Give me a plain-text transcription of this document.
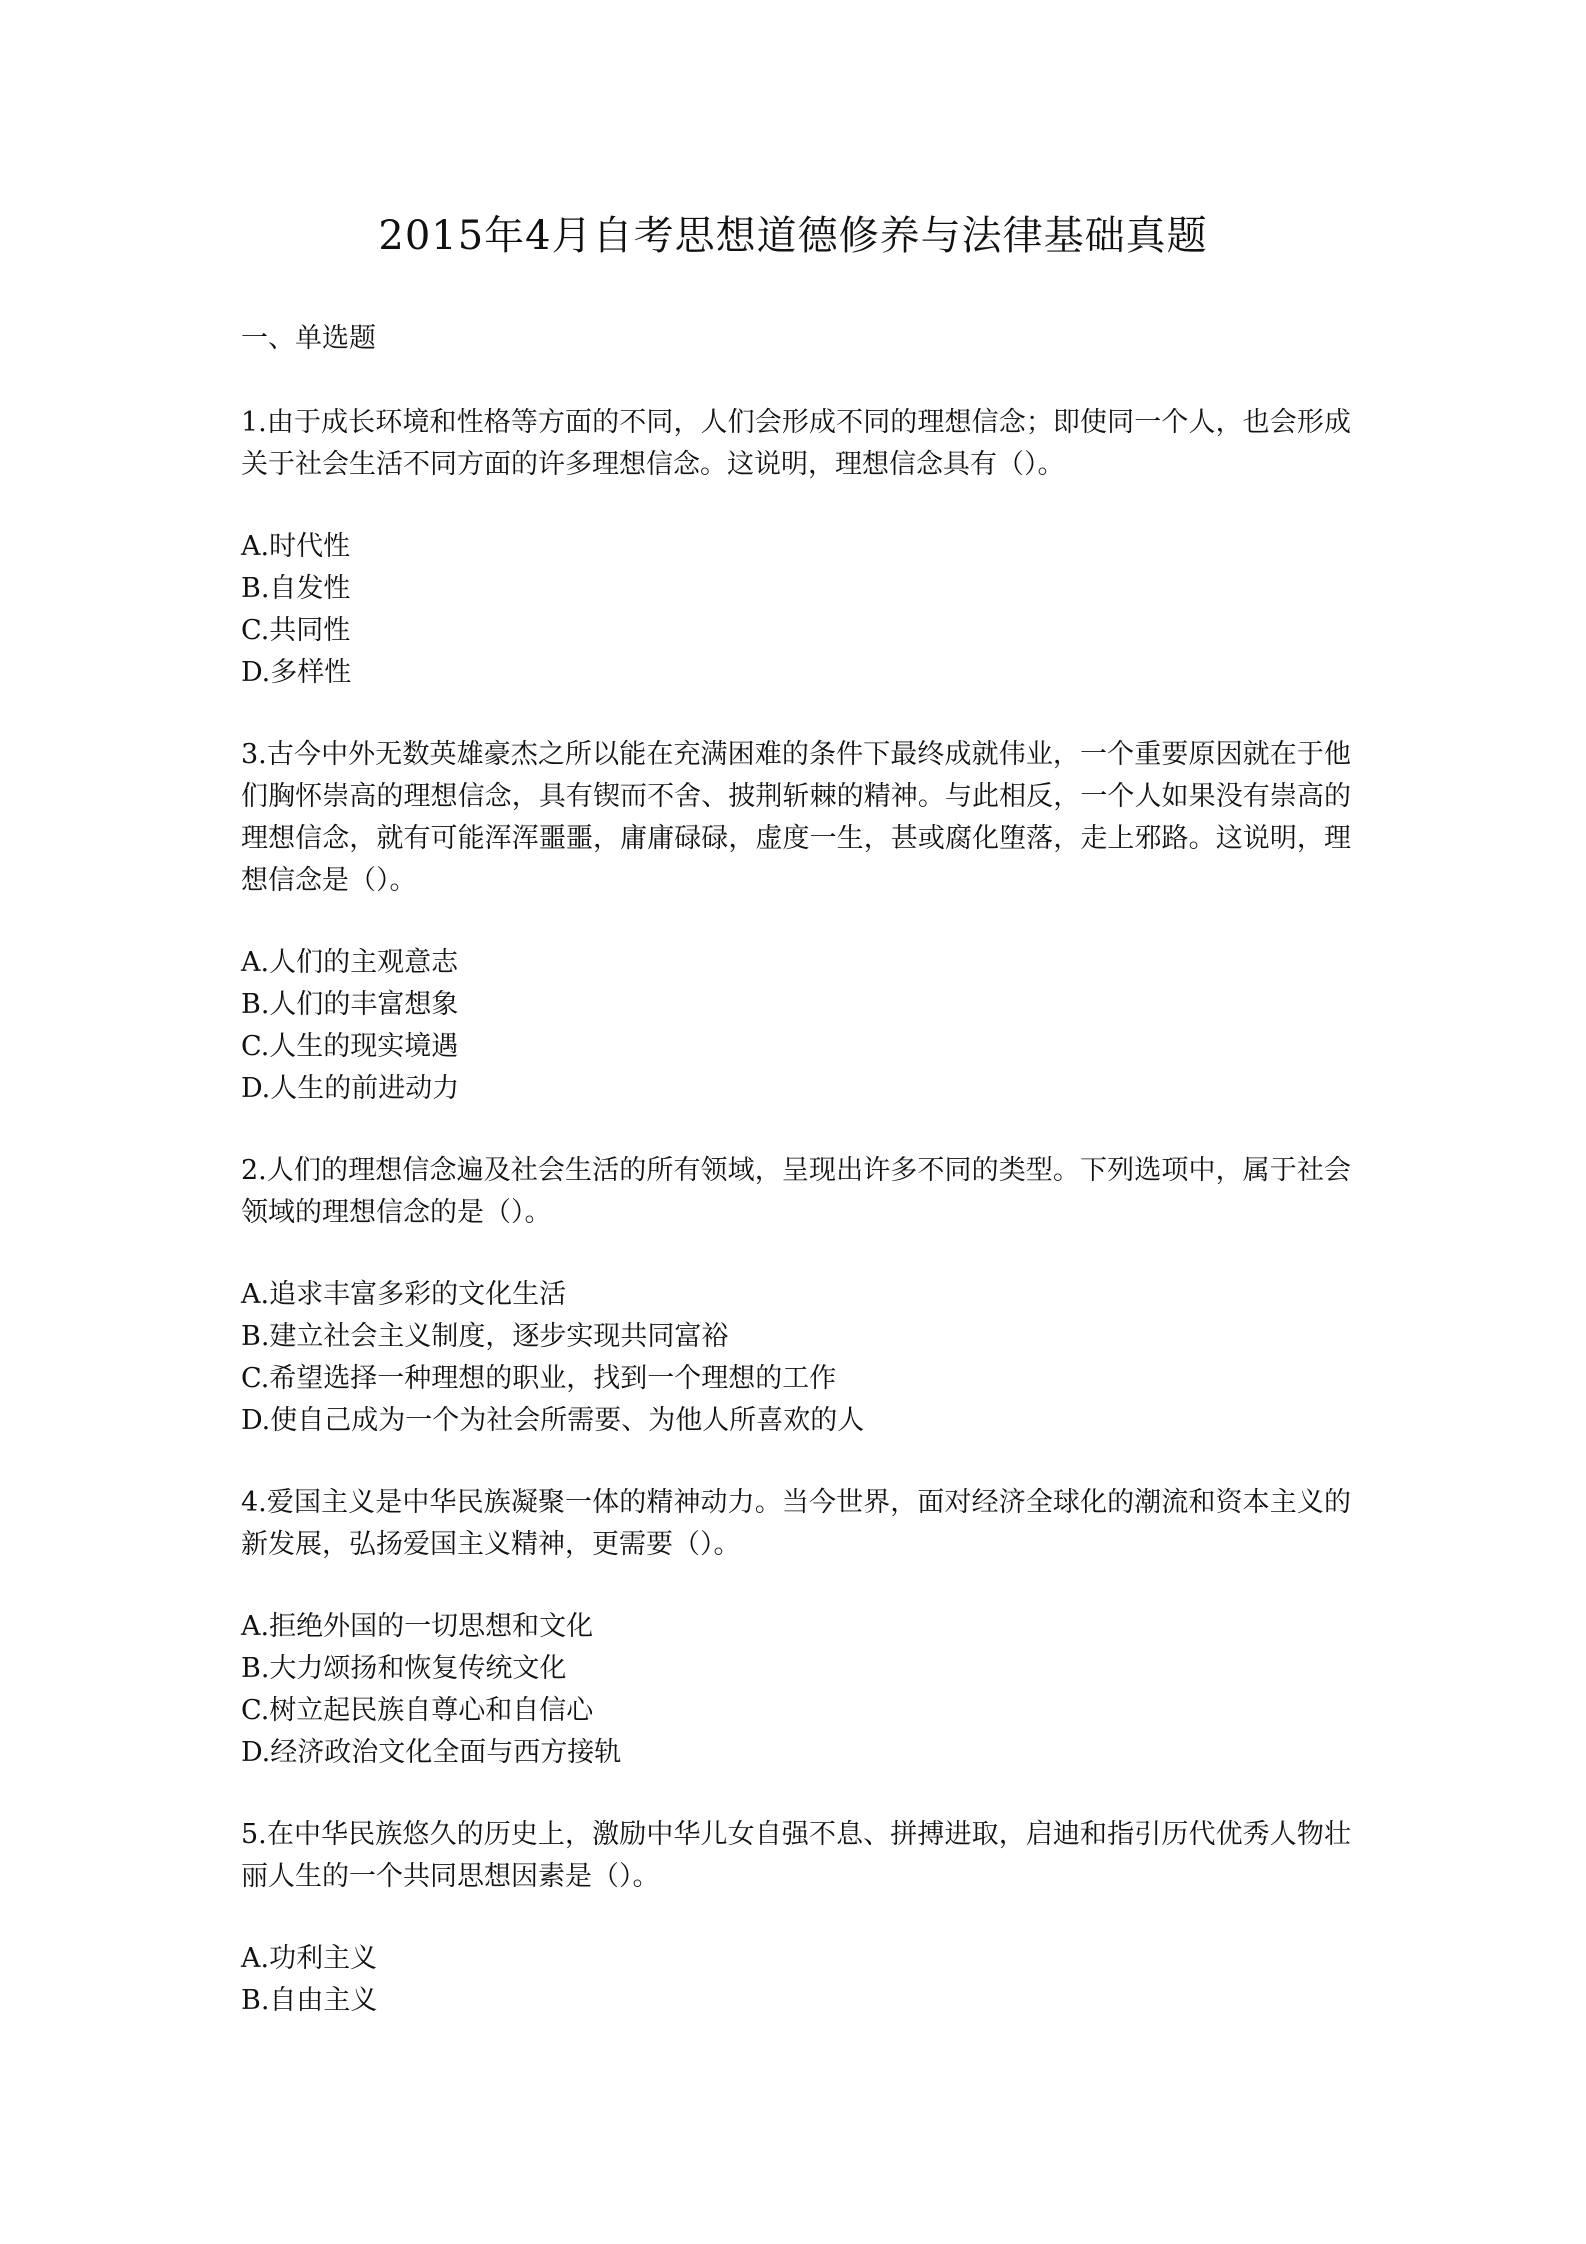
2015年4月自考思想道德修养与法律基础真题
一、单选题
1.由于成长环境和性格等方面的不同，人们会形成不同的理想信念；即使同一个人，也会形成关于社会生活不同方面的许多理想信念。这说明，理想信念具有（）。
A.时代性
B.自发性
C.共同性
D.多样性
3.古今中外无数英雄豪杰之所以能在充满困难的条件下最终成就伟业，一个重要原因就在于他们胸怀崇高的理想信念，具有锲而不舍、披荆斩棘的精神。与此相反，一个人如果没有崇高的理想信念，就有可能浑浑噩噩，庸庸碌碌，虚度一生，甚或腐化堕落，走上邪路。这说明，理想信念是（）。
A.人们的主观意志
B.人们的丰富想象
C.人生的现实境遇
D.人生的前进动力
2.人们的理想信念遍及社会生活的所有领域，呈现出许多不同的类型。下列选项中，属于社会领域的理想信念的是（）。
A.追求丰富多彩的文化生活
B.建立社会主义制度，逐步实现共同富裕
C.希望选择一种理想的职业，找到一个理想的工作
D.使自己成为一个为社会所需要、为他人所喜欢的人
4.爱国主义是中华民族凝聚一体的精神动力。当今世界，面对经济全球化的潮流和资本主义的新发展，弘扬爱国主义精神，更需要（）。
A.拒绝外国的一切思想和文化
B.大力颂扬和恢复传统文化
C.树立起民族自尊心和自信心
D.经济政治文化全面与西方接轨
5.在中华民族悠久的历史上，激励中华儿女自强不息、拼搏进取，启迪和指引历代优秀人物壮丽人生的一个共同思想因素是（）。
A.功利主义
B.自由主义
